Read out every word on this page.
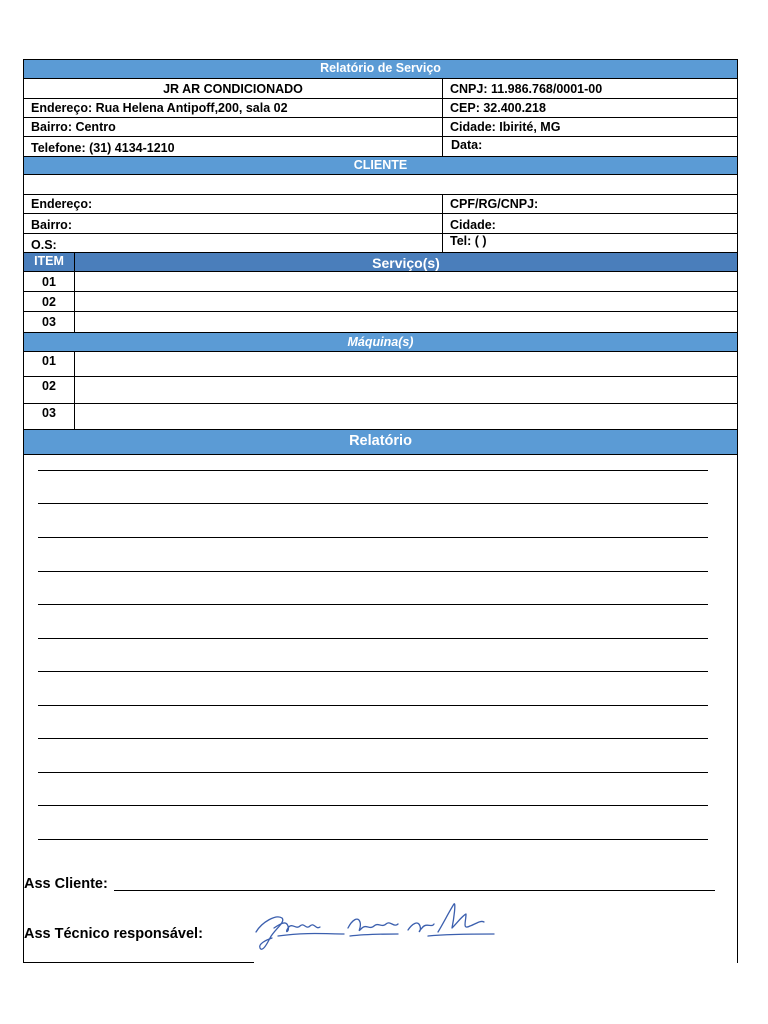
Relatório de Serviço
JR AR CONDICIONADO	CNPJ: 11.986.768/0001-00
Endereço: Rua Helena Antipoff,200, sala 02	CEP: 32.400.218
Bairro: Centro	Cidade: Ibirité, MG
Telefone: (31) 4134-1210	Data:
CLIENTE
Endereço:	CPF/RG/CNPJ:
Bairro:	Cidade:
O.S:	Tel: ( )
ITEM	Serviço(s)
01
02
03
Máquina(s)
01
02
03
Relatório
Ass Cliente:
Ass Técnico responsável:
